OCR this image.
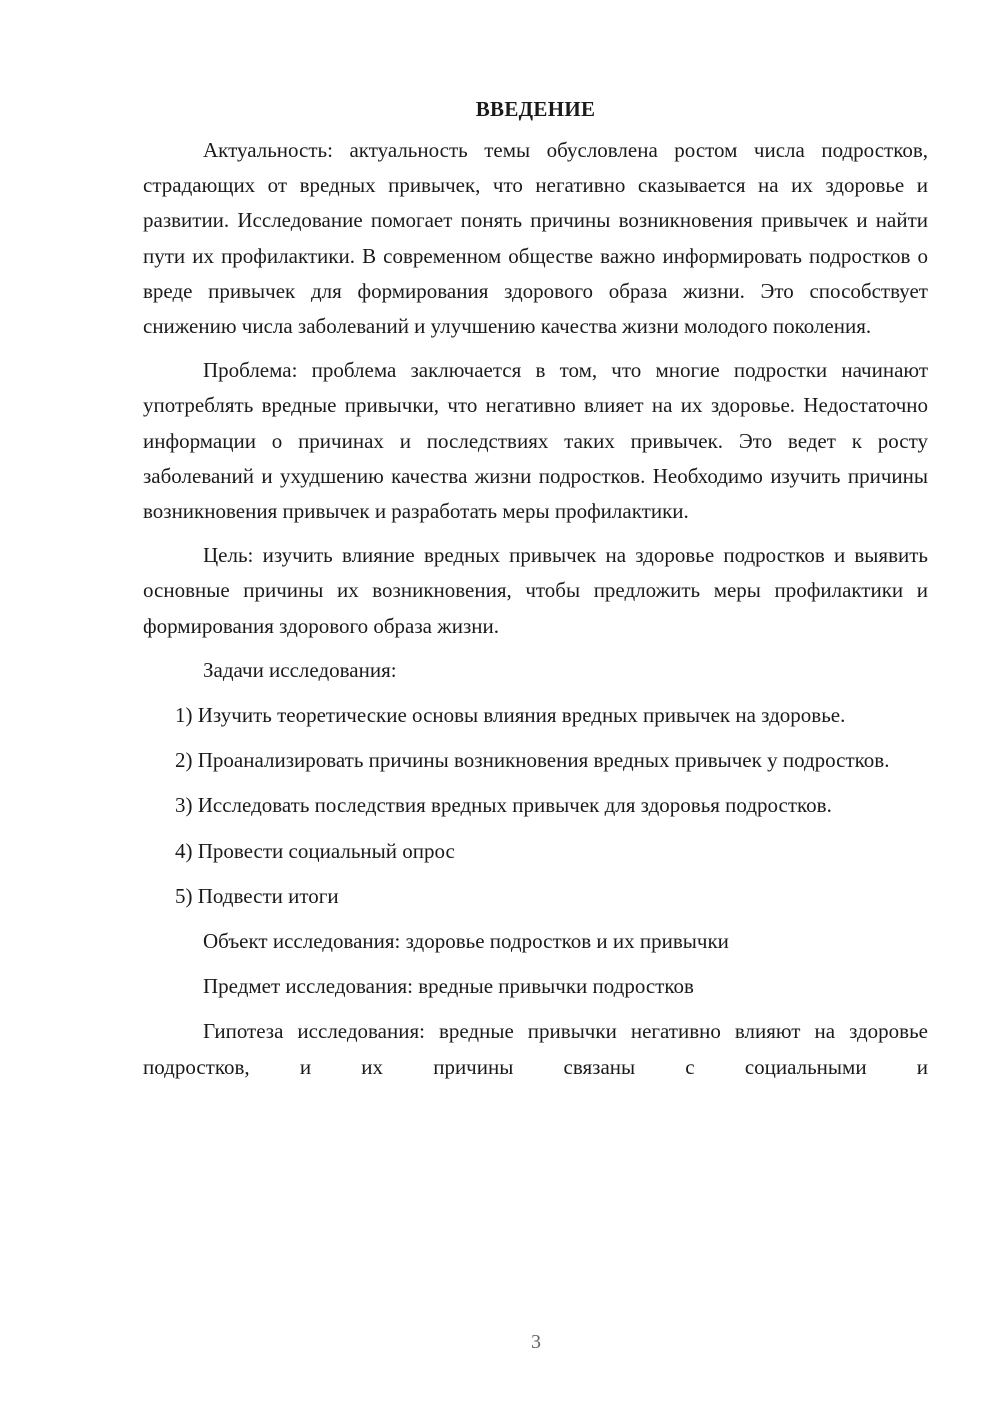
ВВЕДЕНИЕ

Актуальность: актуальность темы обусловлена ростом числа подростков, страдающих от вредных привычек, что негативно сказывается на их здоровье и развитии. Исследование помогает понять причины возникновения привычек и найти пути их профилактики. В современном обществе важно информировать подростков о вреде привычек для формирования здорового образа жизни. Это способствует снижению числа заболеваний и улучшению качества жизни молодого поколения.

Проблема: проблема заключается в том, что многие подростки начинают употреблять вредные привычки, что негативно влияет на их здоровье. Недостаточно информации о причинах и последствиях таких привычек. Это ведет к росту заболеваний и ухудшению качества жизни подростков. Необходимо изучить причины возникновения привычек и разработать меры профилактики.

Цель: изучить влияние вредных привычек на здоровье подростков и выявить основные причины их возникновения, чтобы предложить меры профилактики и формирования здорового образа жизни.

Задачи исследования:

1) Изучить теоретические основы влияния вредных привычек на здоровье.

2) Проанализировать причины возникновения вредных привычек у подростков.

3) Исследовать последствия вредных привычек для здоровья подростков.

4) Провести социальный опрос

5) Подвести итоги

Объект исследования: здоровье подростков и их привычки

Предмет исследования: вредные привычки подростков

Гипотеза исследования: вредные привычки негативно влияют на здоровье подростков, и их причины связаны с социальными и

3
